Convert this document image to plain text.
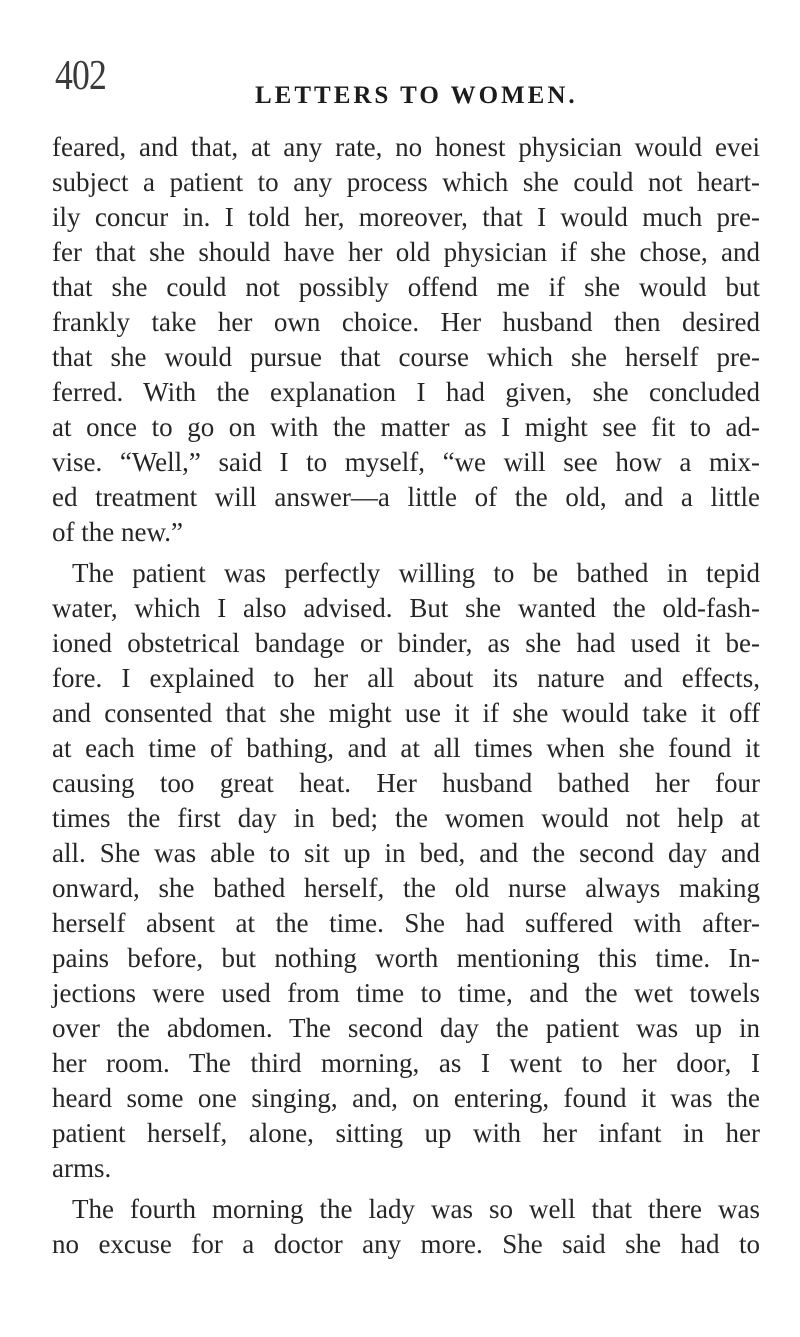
402	LETTERS TO WOMEN.
feared, and that, at any rate, no honest physician would evei
subject a patient to any process which she could not heart-
ily concur in. I told her, moreover, that I would much pre-
fer that she should have her old physician if she chose, and
that she could not possibly offend me if she would but
frankly take her own choice. Her husband then desired
that she would pursue that course which she herself pre-
ferred. With the explanation I had given, she concluded
at once to go on with the matter as I might see fit to ad-
vise. “Well,” said I to myself, “we will see how a mix-
ed treatment will answer—a little of the old, and a little
of the new.”
The patient was perfectly willing to be bathed in tepid
water, which I also advised. But she wanted the old-fash-
ioned obstetrical bandage or binder, as she had used it be-
fore. I explained to her all about its nature and effects,
and consented that she might use it if she would take it off
at each time of bathing, and at all times when she found it
causing too great heat. Her husband bathed her four
times the first day in bed; the women would not help at
all. She was able to sit up in bed, and the second day and
onward, she bathed herself, the old nurse always making
herself absent at the time. She had suffered with after-
pains before, but nothing worth mentioning this time. In-
jections were used from time to time, and the wet towels
over the abdomen. The second day the patient was up in
her room. The third morning, as I went to her door, I
heard some one singing, and, on entering, found it was the
patient herself, alone, sitting up with her infant in her
arms.
The fourth morning the lady was so well that there was
no excuse for a doctor any more. She said she had to
